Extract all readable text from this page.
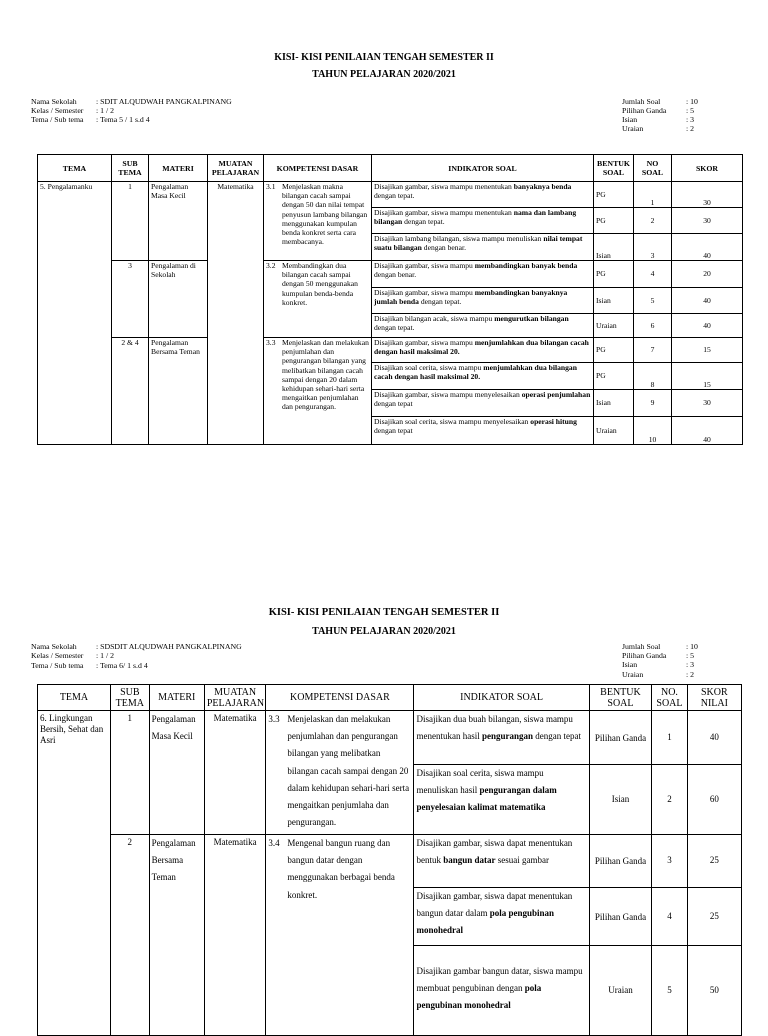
KISI- KISI PENILAIAN TENGAH SEMESTER II

TAHUN PELAJARAN 2020/2021

Nama Sekolah : SDIT ALQUDWAH PANGKALPINANG
Kelas / Semester : 1 / 2
Tema / Sub tema : Tema 5 / 1 s.d 4
Jumlah Soal	: 10
Pilihan Ganda	: 5
Isian	: 3
Uraian	: 2
TEMA	SUB TEMA	MATERI	MUATAN PELAJARAN	KOMPETENSI DASAR	INDIKATOR SOAL	BENTUK SOAL	NO SOAL	SKOR
5. Pengalamanku	1	Pengalaman Masa Kecil	Matematika	3.1 Menjelaskan makna bilangan cacah sampai dengan 50 dan nilai tempat penyusun lambang bilangan menggunakan kumpulan benda konkret serta cara membacanya.	Disajikan gambar, siswa mampu menentukan banyaknya benda dengan tepat.	PG	1	30
					Disajikan gambar, siswa mampu menentukan nama dan lambang bilangan dengan tepat.	PG	2	30
					Disajikan lambang bilangan, siswa mampu menuliskan nilai tempat suatu bilangan dengan benar.	Isian	3	40
	3	Pengalaman di Sekolah		3.2 Membandingkan dua bilangan cacah sampai dengan 50 menggunakan kumpulan benda-benda konkret.	Disajikan gambar, siswa mampu membandingkan banyak benda dengan benar.	PG	4	20
					Disajikan gambar, siswa mampu membandingkan banyaknya jumlah benda dengan tepat.	Isian	5	40
					Disajikan bilangan acak, siswa mampu mengurutkan bilangan dengan tepat.	Uraian	6	40
	2 & 4	Pengalaman Bersama Teman		3.3 Menjelaskan dan melakukan penjumlahan dan pengurangan bilangan yang melibatkan bilangan cacah sampai dengan 20 dalam kehidupan sehari-hari serta mengaitkan penjumlahan dan pengurangan.	Disajikan gambar, siswa mampu menjumlahkan dua bilangan cacah dengan hasil maksimal 20.	PG	7	15
					Disajikan soal cerita, siswa mampu menjumlahkan dua bilangan cacah dengan hasil maksimal 20.	PG	8	15
					Disajikan gambar, siswa mampu menyelesaikan operasi penjumlahan dengan tepat	Isian	9	30
					Disajikan soal cerita, siswa mampu menyelesaikan operasi hitung dengan tepat	Uraian	10	40

KISI- KISI PENILAIAN TENGAH SEMESTER II

TAHUN PELAJARAN 2020/2021

Nama Sekolah : SDSDIT ALQUDWAH PANGKALPINANG
Kelas / Semester : 1 / 2
Tema / Sub tema : Tema 6/ 1 s.d 4
Jumlah Soal	: 10
Pilihan Ganda	: 5
Isian	: 3
Uraian	: 2
TEMA	SUB TEMA	MATERI	MUATAN PELAJARAN	KOMPETENSI DASAR	INDIKATOR SOAL	BENTUK SOAL	NO. SOAL	SKOR NILAI
6. Lingkungan Bersih, Sehat dan Asri	1	Pengalaman Masa Kecil	Matematika	3.3 Menjelaskan dan melakukan penjumlahan dan pengurangan bilangan yang melibatkan bilangan cacah sampai dengan 20 dalam kehidupan sehari-hari serta mengaitkan penjumlaha dan pengurangan.	Disajikan dua buah bilangan, siswa mampu menentukan hasil pengurangan dengan tepat	Pilihan Ganda	1	40
					Disajikan soal cerita, siswa mampu menuliskan hasil pengurangan dalam penyelesaian kalimat matematika	Isian	2	60
	2	Pengalaman Bersama Teman	Matematika	3.4 Mengenal bangun ruang dan bangun datar dengan menggunakan berbagai benda konkret.	Disajikan gambar, siswa dapat menentukan bentuk bangun datar sesuai gambar	Pilihan Ganda	3	25
					Disajikan gambar, siswa dapat menentukan bangun datar dalam pola pengubinan monohedral	Pilihan Ganda	4	25
					Disajikan gambar bangun datar, siswa mampu membuat pengubinan dengan pola pengubinan monohedral	Uraian	5	50
